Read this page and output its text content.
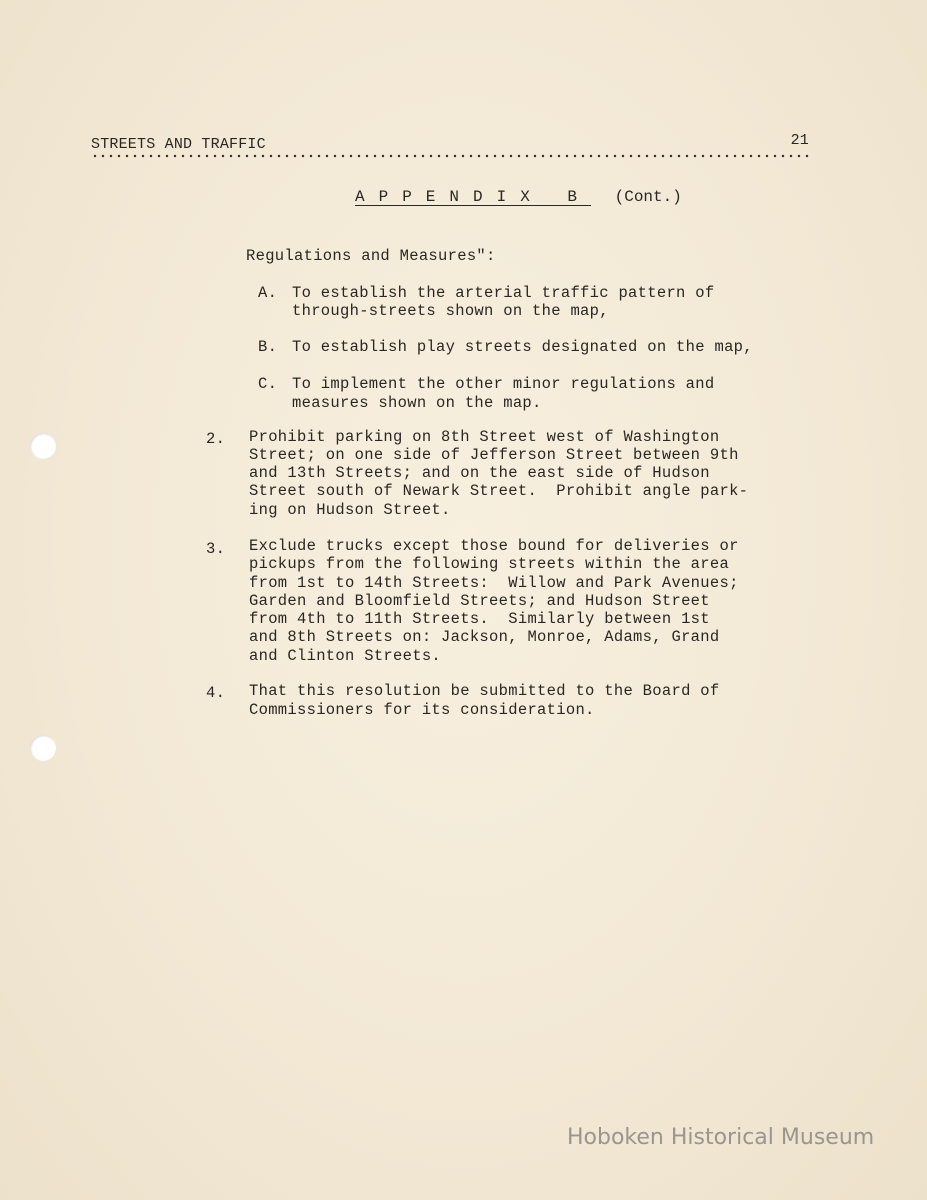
STREETS AND TRAFFIC	21
APPENDIX B (Cont.)
Regulations and Measures":
A. To establish the arterial traffic pattern of
through-streets shown on the map,
B. To establish play streets designated on the map,
C. To implement the other minor regulations and
measures shown on the map.
2. Prohibit parking on 8th Street west of Washington
Street; on one side of Jefferson Street between 9th
and 13th Streets; and on the east side of Hudson
Street south of Newark Street.  Prohibit angle park-
ing on Hudson Street.
3. Exclude trucks except those bound for deliveries or
pickups from the following streets within the area
from 1st to 14th Streets:  Willow and Park Avenues;
Garden and Bloomfield Streets; and Hudson Street
from 4th to 11th Streets.  Similarly between 1st
and 8th Streets on: Jackson, Monroe, Adams, Grand
and Clinton Streets.
4. That this resolution be submitted to the Board of
Commissioners for its consideration.
Hoboken Historical Museum
